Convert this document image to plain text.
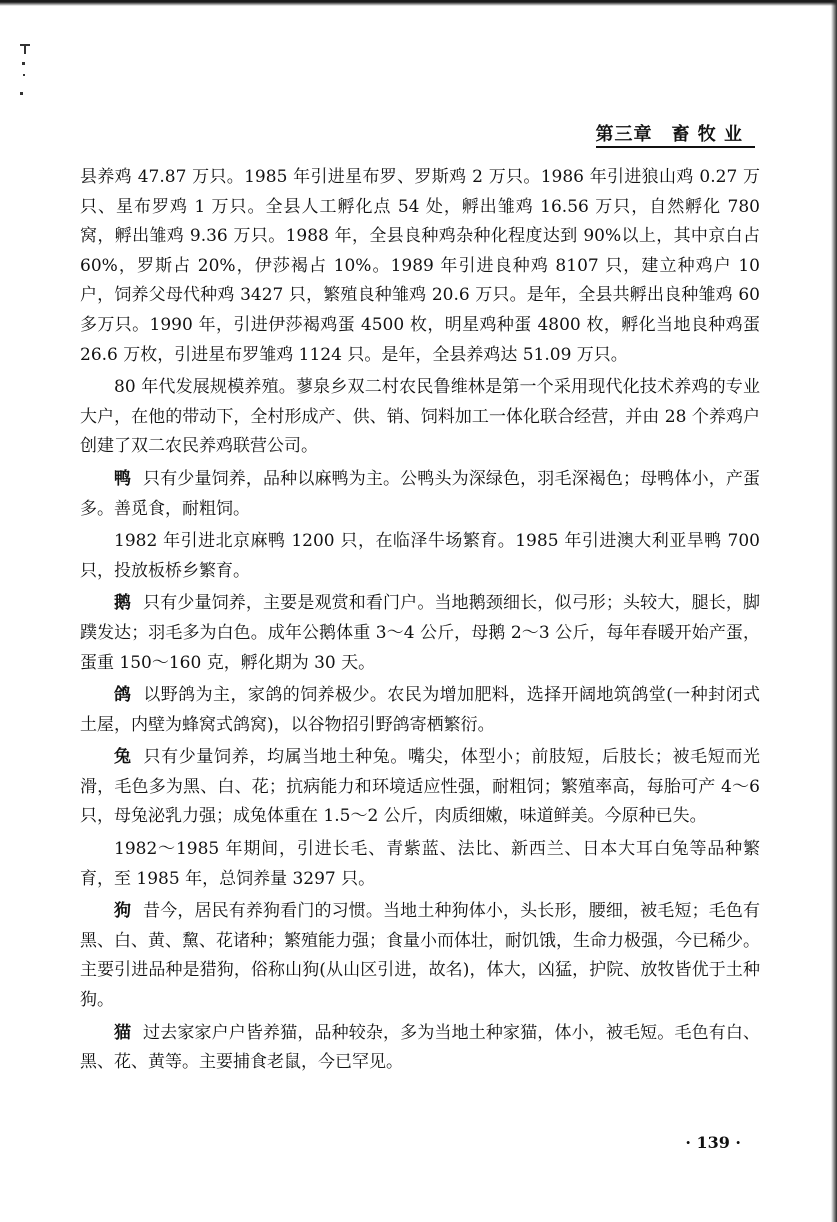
第三章　畜 牧 业

县养鸡 47.87 万只。1985 年引进星布罗、罗斯鸡 2 万只。1986 年引进狼山鸡 0.27 万只、星布罗鸡 1 万只。全县人工孵化点 54 处，孵出雏鸡 16.56 万只，自然孵化 780 窝，孵出雏鸡 9.36 万只。1988 年，全县良种鸡杂种化程度达到 90%以上，其中京白占 60%，罗斯占 20%，伊莎褐占 10%。1989 年引进良种鸡 8107 只，建立种鸡户 10 户，饲养父母代种鸡 3427 只，繁殖良种雏鸡 20.6 万只。是年，全县共孵出良种雏鸡 60 多万只。1990 年，引进伊莎褐鸡蛋 4500 枚，明星鸡种蛋 4800 枚，孵化当地良种鸡蛋 26.6 万枚，引进星布罗雏鸡 1124 只。是年，全县养鸡达 51.09 万只。

80 年代发展规模养殖。蓼泉乡双二村农民鲁维林是第一个采用现代化技术养鸡的专业大户，在他的带动下，全村形成产、供、销、饲料加工一体化联合经营，并由 28 个养鸡户创建了双二农民养鸡联营公司。

鸭 只有少量饲养，品种以麻鸭为主。公鸭头为深绿色，羽毛深褐色；母鸭体小，产蛋多。善觅食，耐粗饲。

1982 年引进北京麻鸭 1200 只，在临泽牛场繁育。1985 年引进澳大利亚旱鸭 700 只，投放板桥乡繁育。

鹅 只有少量饲养，主要是观赏和看门户。当地鹅颈细长，似弓形；头较大，腿长，脚蹼发达；羽毛多为白色。成年公鹅体重 3～4 公斤，母鹅 2～3 公斤，每年春暖开始产蛋，蛋重 150～160 克，孵化期为 30 天。

鸽 以野鸽为主，家鸽的饲养极少。农民为增加肥料，选择开阔地筑鸽堂(一种封闭式土屋，内壁为蜂窝式鸽窝)，以谷物招引野鸽寄栖繁衍。

兔 只有少量饲养，均属当地土种兔。嘴尖，体型小；前肢短，后肢长；被毛短而光滑，毛色多为黑、白、花；抗病能力和环境适应性强，耐粗饲；繁殖率高，每胎可产 4～6 只，母兔泌乳力强；成兔体重在 1.5～2 公斤，肉质细嫩，味道鲜美。今原种已失。

1982～1985 年期间，引进长毛、青紫蓝、法比、新西兰、日本大耳白兔等品种繁育，至 1985 年，总饲养量 3297 只。

狗 昔今，居民有养狗看门的习惯。当地土种狗体小，头长形，腰细，被毛短；毛色有黑、白、黄、黧、花诸种；繁殖能力强；食量小而体壮，耐饥饿，生命力极强，今已稀少。主要引进品种是猎狗，俗称山狗(从山区引进，故名)，体大，凶猛，护院、放牧皆优于土种狗。

猫 过去家家户户皆养猫，品种较杂，多为当地土种家猫，体小，被毛短。毛色有白、黑、花、黄等。主要捕食老鼠，今已罕见。

· 139 ·
